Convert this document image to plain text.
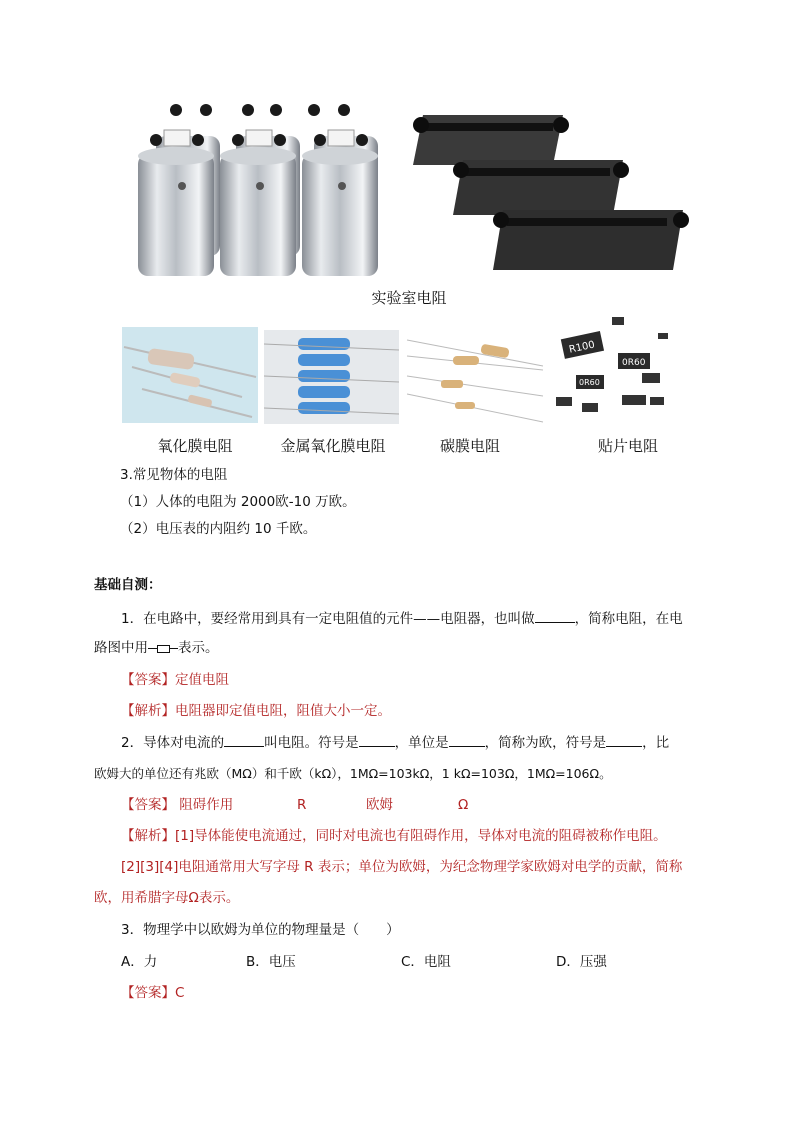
实验室电阻
R100
0R60
0R60
氧化膜电阻	金属氧化膜电阻	碳膜电阻	贴片电阻
3.常见物体的电阻
（1）人体的电阻为 2000欧-10 万欧。
（2）电压表的内阻约 10 千欧。
基础自测：
1．在电路中，要经常用到具有一定电阻值的元件——电阻器，也叫做	，简称电阻，在电
路图中用 表示。
【答案】定值电阻
【解析】电阻器即定值电阻，阻值大小一定。
2．导体对电流的	叫电阻。符号是	，单位是	，简称为欧，符号是	，比
欧姆大的单位还有兆欧（MΩ）和千欧（kΩ），1MΩ=103kΩ，1 kΩ=103Ω，1MΩ=106Ω。
【答案】 阻碍作用	R	欧姆	Ω
【解析】[1]导体能使电流通过，同时对电流也有阻碍作用，导体对电流的阻碍被称作电阻。
[2][3][4]电阻通常用大写字母 R 表示；单位为欧姆，为纪念物理学家欧姆对电学的贡献，简称
欧，用希腊字母Ω表示。
3．物理学中以欧姆为单位的物理量是（　　）
A．力	B．电压	C．电阻	D．压强
【答案】C
